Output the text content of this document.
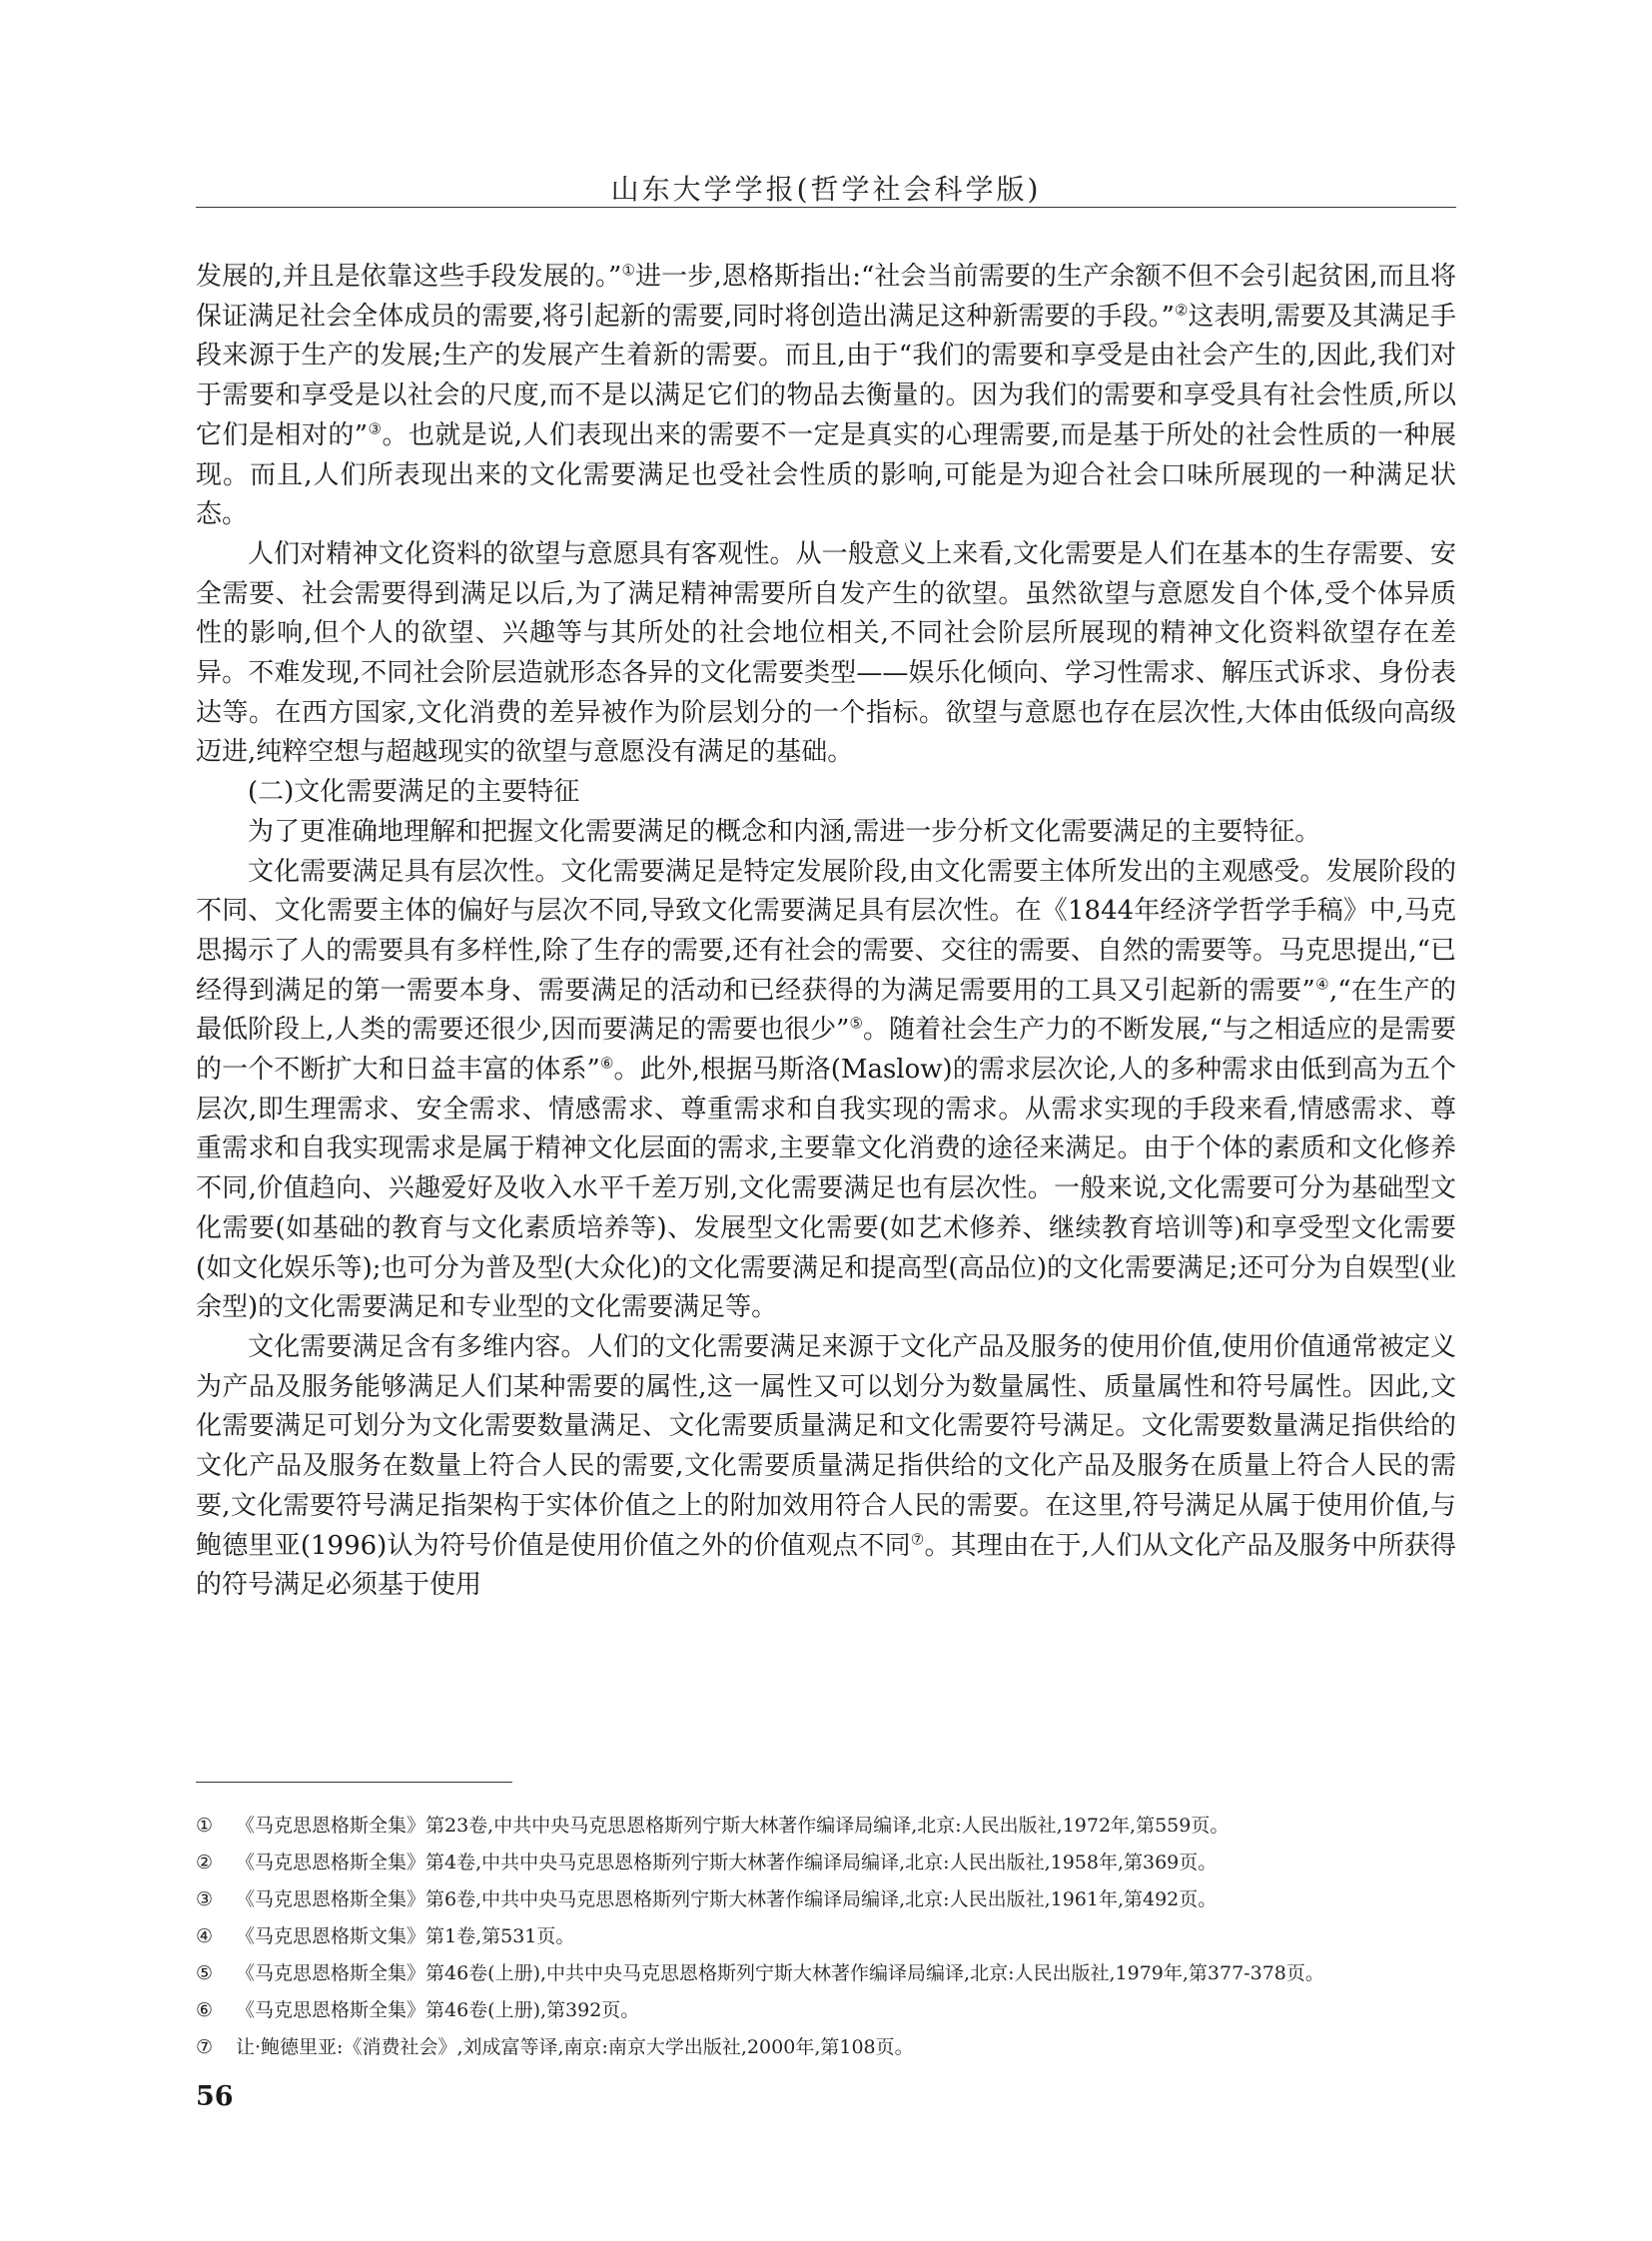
山东大学学报(哲学社会科学版)

发展的,并且是依靠这些手段发展的。”①进一步,恩格斯指出:“社会当前需要的生产余额不但不会引起贫困,而且将保证满足社会全体成员的需要,将引起新的需要,同时将创造出满足这种新需要的手段。”②这表明,需要及其满足手段来源于生产的发展;生产的发展产生着新的需要。而且,由于“我们的需要和享受是由社会产生的,因此,我们对于需要和享受是以社会的尺度,而不是以满足它们的物品去衡量的。因为我们的需要和享受具有社会性质,所以它们是相对的”③。也就是说,人们表现出来的需要不一定是真实的心理需要,而是基于所处的社会性质的一种展现。而且,人们所表现出来的文化需要满足也受社会性质的影响,可能是为迎合社会口味所展现的一种满足状态。

人们对精神文化资料的欲望与意愿具有客观性。从一般意义上来看,文化需要是人们在基本的生存需要、安全需要、社会需要得到满足以后,为了满足精神需要所自发产生的欲望。虽然欲望与意愿发自个体,受个体异质性的影响,但个人的欲望、兴趣等与其所处的社会地位相关,不同社会阶层所展现的精神文化资料欲望存在差异。不难发现,不同社会阶层造就形态各异的文化需要类型——娱乐化倾向、学习性需求、解压式诉求、身份表达等。在西方国家,文化消费的差异被作为阶层划分的一个指标。欲望与意愿也存在层次性,大体由低级向高级迈进,纯粹空想与超越现实的欲望与意愿没有满足的基础。

(二)文化需要满足的主要特征

为了更准确地理解和把握文化需要满足的概念和内涵,需进一步分析文化需要满足的主要特征。

文化需要满足具有层次性。文化需要满足是特定发展阶段,由文化需要主体所发出的主观感受。发展阶段的不同、文化需要主体的偏好与层次不同,导致文化需要满足具有层次性。在《1844年经济学哲学手稿》中,马克思揭示了人的需要具有多样性,除了生存的需要,还有社会的需要、交往的需要、自然的需要等。马克思提出,“已经得到满足的第一需要本身、需要满足的活动和已经获得的为满足需要用的工具又引起新的需要”④,“在生产的最低阶段上,人类的需要还很少,因而要满足的需要也很少”⑤。随着社会生产力的不断发展,“与之相适应的是需要的一个不断扩大和日益丰富的体系”⑥。此外,根据马斯洛(Maslow)的需求层次论,人的多种需求由低到高为五个层次,即生理需求、安全需求、情感需求、尊重需求和自我实现的需求。从需求实现的手段来看,情感需求、尊重需求和自我实现需求是属于精神文化层面的需求,主要靠文化消费的途径来满足。由于个体的素质和文化修养不同,价值趋向、兴趣爱好及收入水平千差万别,文化需要满足也有层次性。一般来说,文化需要可分为基础型文化需要(如基础的教育与文化素质培养等)、发展型文化需要(如艺术修养、继续教育培训等)和享受型文化需要(如文化娱乐等);也可分为普及型(大众化)的文化需要满足和提高型(高品位)的文化需要满足;还可分为自娱型(业余型)的文化需要满足和专业型的文化需要满足等。

文化需要满足含有多维内容。人们的文化需要满足来源于文化产品及服务的使用价值,使用价值通常被定义为产品及服务能够满足人们某种需要的属性,这一属性又可以划分为数量属性、质量属性和符号属性。因此,文化需要满足可划分为文化需要数量满足、文化需要质量满足和文化需要符号满足。文化需要数量满足指供给的文化产品及服务在数量上符合人民的需要,文化需要质量满足指供给的文化产品及服务在质量上符合人民的需要,文化需要符号满足指架构于实体价值之上的附加效用符合人民的需要。在这里,符号满足从属于使用价值,与鲍德里亚(1996)认为符号价值是使用价值之外的价值观点不同⑦。其理由在于,人们从文化产品及服务中所获得的符号满足必须基于使用

①	《马克思恩格斯全集》第23卷,中共中央马克思恩格斯列宁斯大林著作编译局编译,北京:人民出版社,1972年,第559页。
②	《马克思恩格斯全集》第4卷,中共中央马克思恩格斯列宁斯大林著作编译局编译,北京:人民出版社,1958年,第369页。
③	《马克思恩格斯全集》第6卷,中共中央马克思恩格斯列宁斯大林著作编译局编译,北京:人民出版社,1961年,第492页。
④	《马克思恩格斯文集》第1卷,第531页。
⑤	《马克思恩格斯全集》第46卷(上册),中共中央马克思恩格斯列宁斯大林著作编译局编译,北京:人民出版社,1979年,第377-378页。
⑥	《马克思恩格斯全集》第46卷(上册),第392页。
⑦	让·鲍德里亚:《消费社会》,刘成富等译,南京:南京大学出版社,2000年,第108页。
56
